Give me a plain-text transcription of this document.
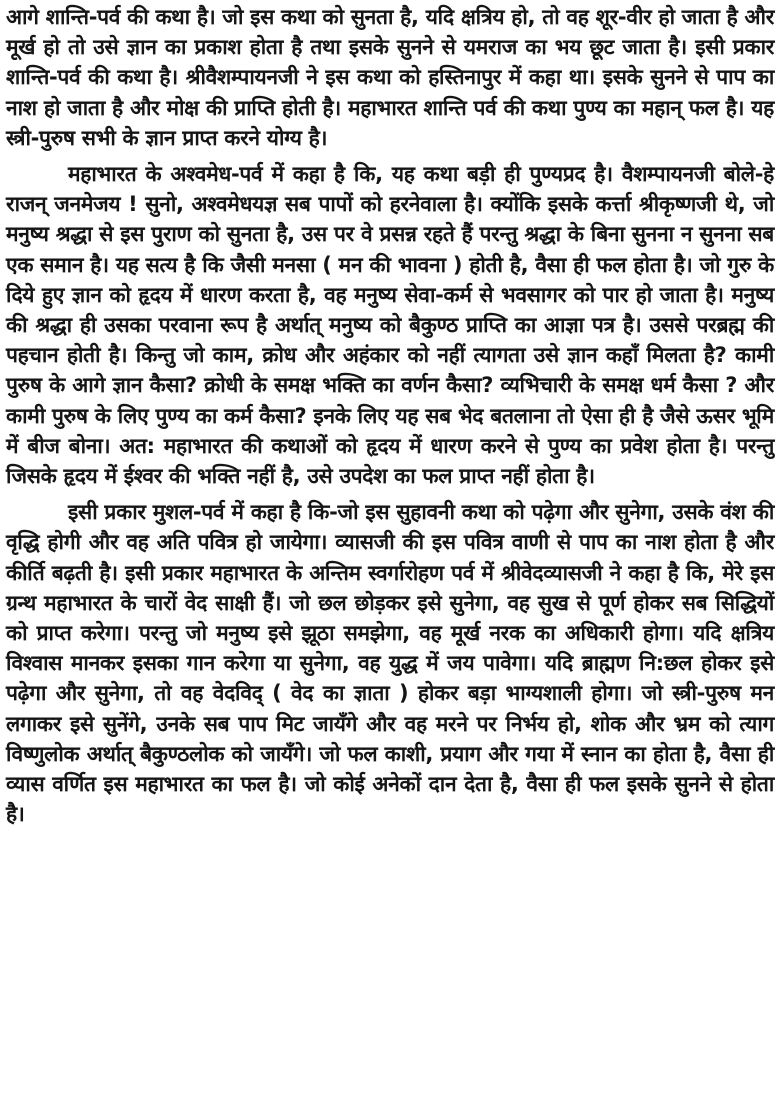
आगे शान्ति-पर्व की कथा है। जो इस कथा को सुनता है, यदि क्षत्रिय हो, तो वह शूर-वीर हो जाता है और मूर्ख हो तो उसे ज्ञान का प्रकाश होता है तथा इसके सुनने से यमराज का भय छूट जाता है। इसी प्रकार शान्ति-पर्व की कथा है। श्रीवैशम्पायनजी ने इस कथा को हस्तिनापुर में कहा था। इसके सुनने से पाप का नाश हो जाता है और मोक्ष की प्राप्ति होती है। महाभारत शान्ति पर्व की कथा पुण्य का महान् फल है। यह स्त्री-पुरुष सभी के ज्ञान प्राप्त करने योग्य है।

महाभारत के अश्वमेध-पर्व में कहा है कि, यह कथा बड़ी ही पुण्यप्रद है। वैशम्पायनजी बोले-हे राजन् जनमेजय ! सुनो, अश्वमेधयज्ञ सब पापों को हरनेवाला है। क्योंकि इसके कर्त्ता श्रीकृष्णजी थे, जो मनुष्य श्रद्धा से इस पुराण को सुनता है, उस पर वे प्रसन्न रहते हैं परन्तु श्रद्धा के बिना सुनना न सुनना सब एक समान है। यह सत्य है कि जैसी मनसा ( मन की भावना ) होती है, वैसा ही फल होता है। जो गुरु के दिये हुए ज्ञान को हृदय में धारण करता है, वह मनुष्य सेवा-कर्म से भवसागर को पार हो जाता है। मनुष्य की श्रद्धा ही उसका परवाना रूप है अर्थात् मनुष्य को बैकुण्ठ प्राप्ति का आज्ञा पत्र है। उससे परब्रह्म की पहचान होती है। किन्तु जो काम, क्रोध और अहंकार को नहीं त्यागता उसे ज्ञान कहाँ मिलता है? कामी पुरुष के आगे ज्ञान कैसा? क्रोधी के समक्ष भक्ति का वर्णन कैसा? व्यभिचारी के समक्ष धर्म कैसा ? और कामी पुरुष के लिए पुण्य का कर्म कैसा? इनके लिए यह सब भेद बतलाना तो ऐसा ही है जैसे ऊसर भूमि में बीज बोना। अत: महाभारत की कथाओं को हृदय में धारण करने से पुण्य का प्रवेश होता है। परन्तु जिसके हृदय में ईश्वर की भक्ति नहीं है, उसे उपदेश का फल प्राप्त नहीं होता है।

इसी प्रकार मुशल-पर्व में कहा है कि-जो इस सुहावनी कथा को पढ़ेगा और सुनेगा, उसके वंश की वृद्धि होगी और वह अति पवित्र हो जायेगा। व्यासजी की इस पवित्र वाणी से पाप का नाश होता है और कीर्ति बढ़ती है। इसी प्रकार महाभारत के अन्तिम स्वर्गारोहण पर्व में श्रीवेदव्यासजी ने कहा है कि, मेरे इस ग्रन्थ महाभारत के चारों वेद साक्षी हैं। जो छल छोड़कर इसे सुनेगा, वह सुख से पूर्ण होकर सब सिद्धियों को प्राप्त करेगा। परन्तु जो मनुष्य इसे झूठा समझेगा, वह मूर्ख नरक का अधिकारी होगा। यदि क्षत्रिय विश्वास मानकर इसका गान करेगा या सुनेगा, वह युद्ध में जय पावेगा। यदि ब्राह्मण नि:छल होकर इसे पढ़ेगा और सुनेगा, तो वह वेदविद् ( वेद का ज्ञाता ) होकर बड़ा भाग्यशाली होगा। जो स्त्री-पुरुष मन लगाकर इसे सुनेंगे, उनके सब पाप मिट जायँगे और वह मरने पर निर्भय हो, शोक और भ्रम को त्याग विष्णुलोक अर्थात् बैकुण्ठलोक को जायँगे। जो फल काशी, प्रयाग और गया में स्नान का होता है, वैसा ही व्यास वर्णित इस महाभारत का फल है। जो कोई अनेकों दान देता है, वैसा ही फल इसके सुनने से होता है।
